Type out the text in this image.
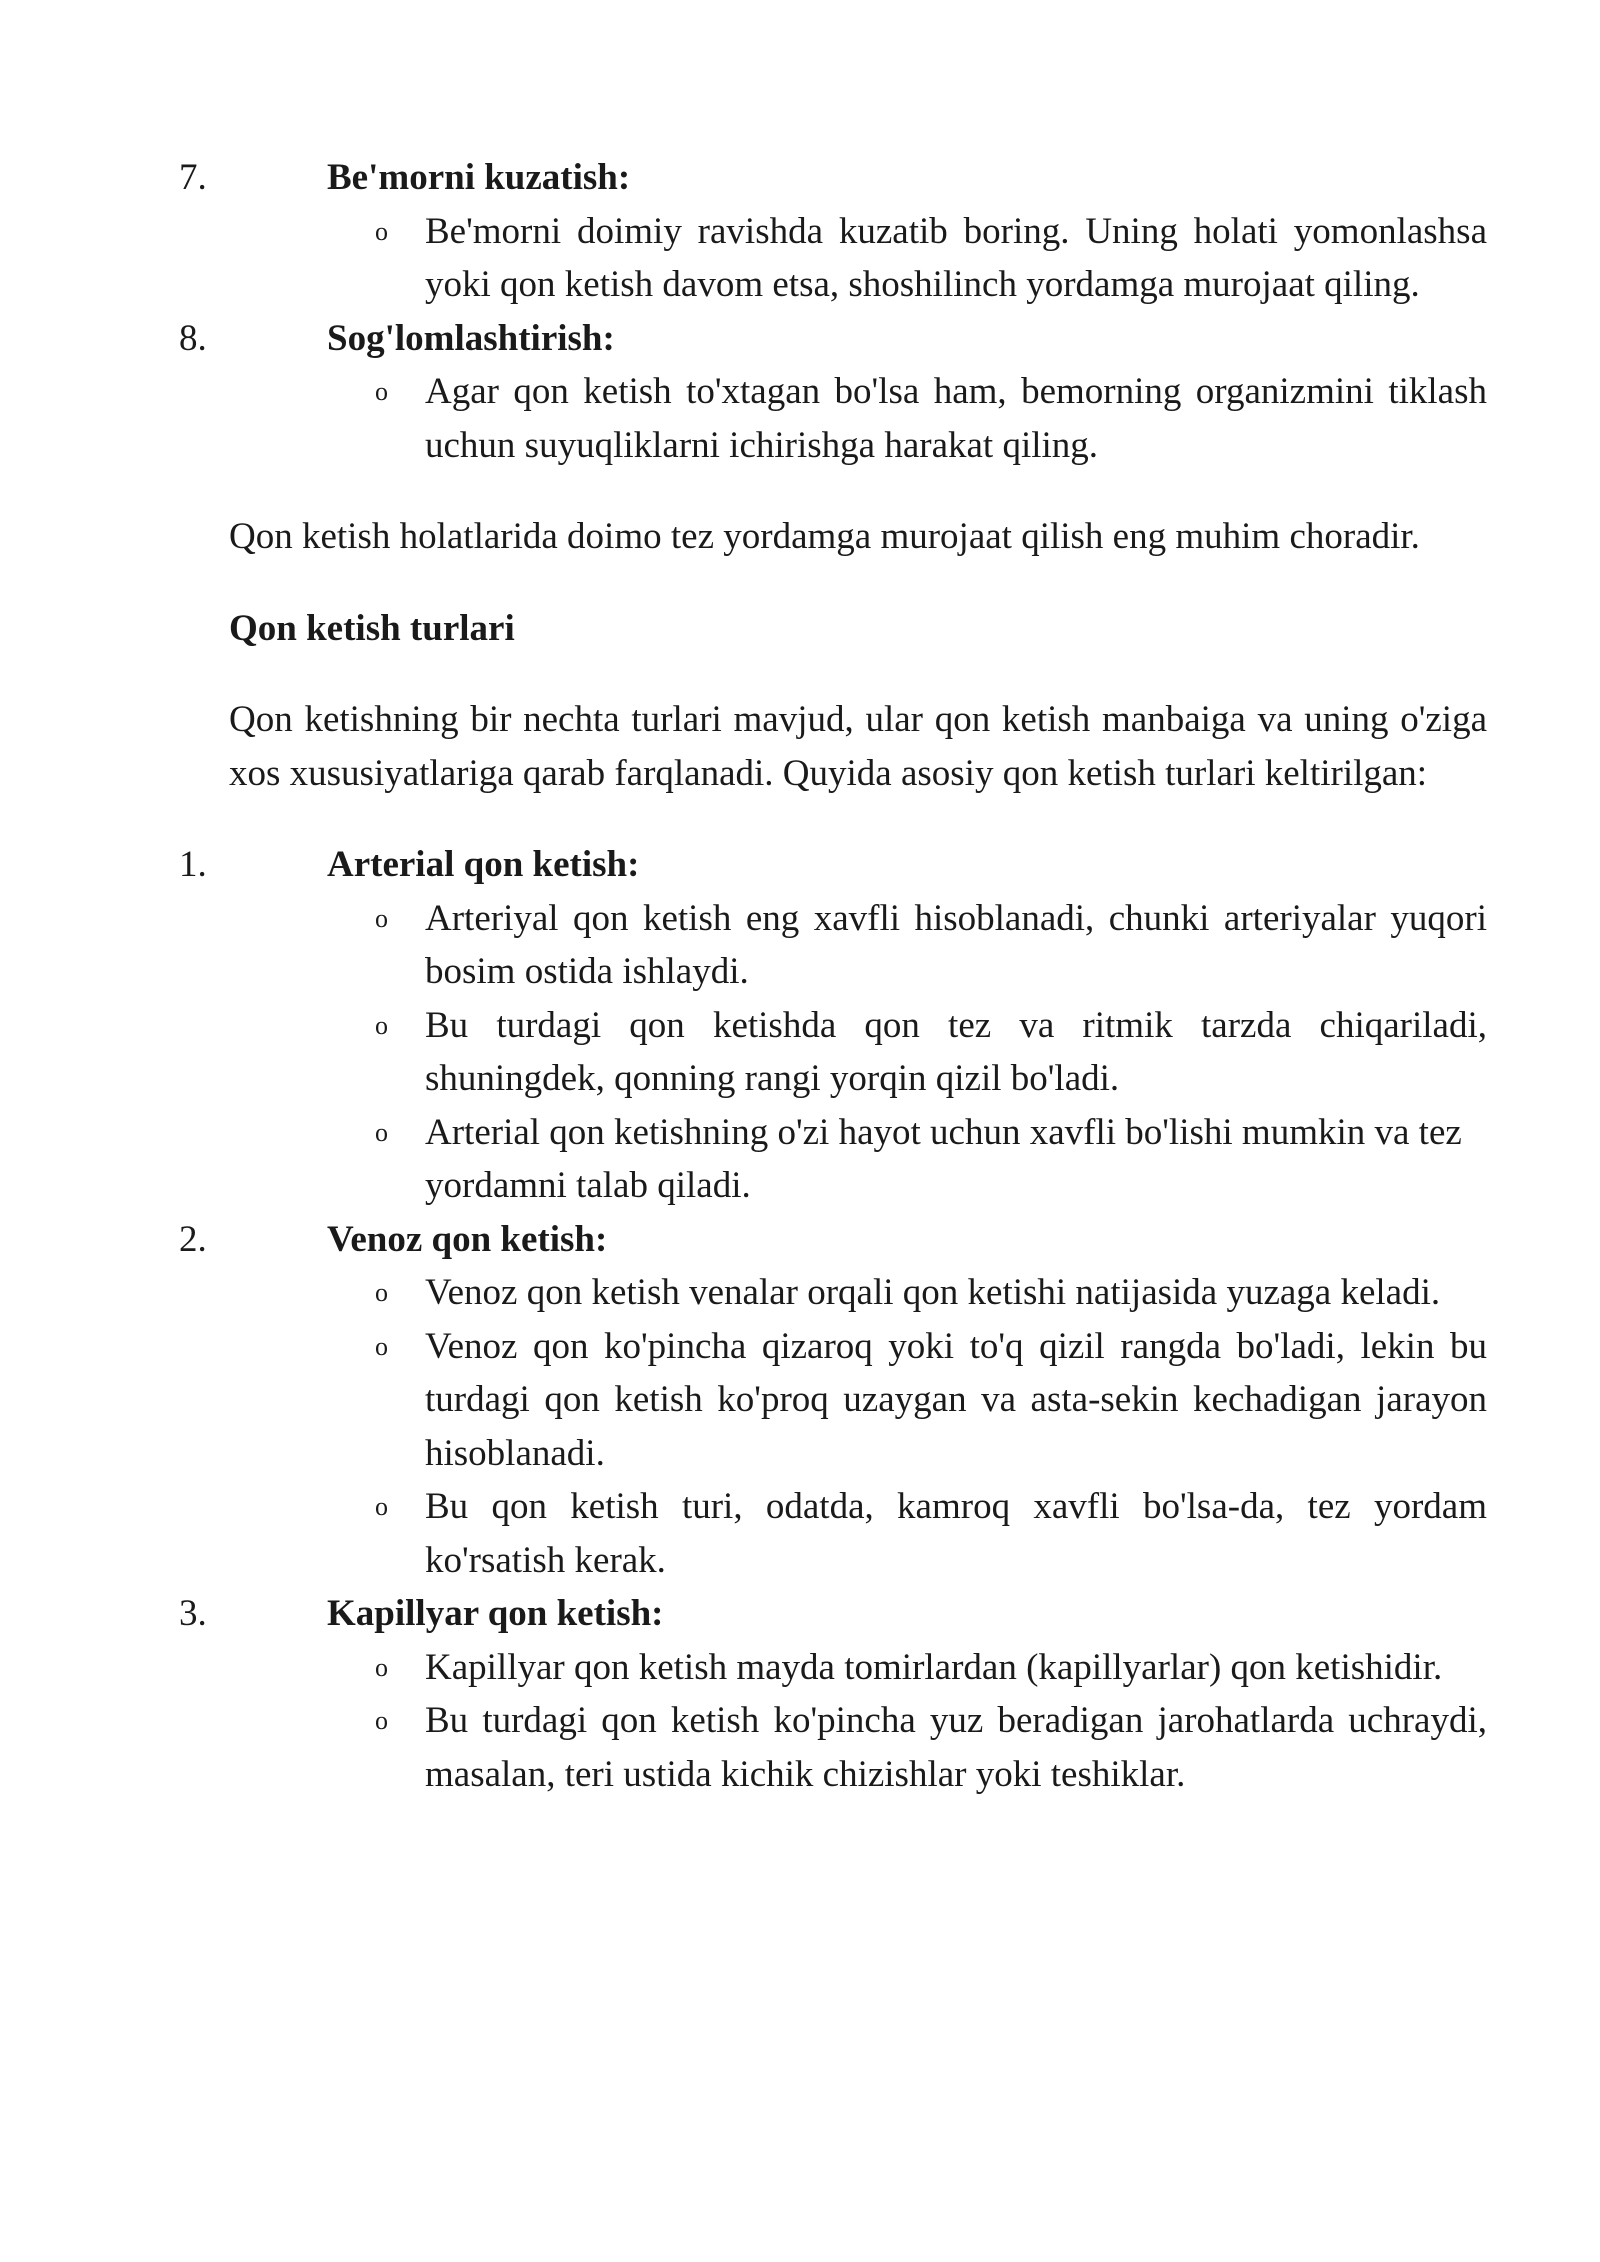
7.	Be'morni kuzatish:
o Be'morni doimiy ravishda kuzatib boring. Uning holati yomonlashsa yoki qon ketish davom etsa, shoshilinch yordamga murojaat qiling.
8.	Sog'lomlashtirish:
o Agar qon ketish to'xtagan bo'lsa ham, bemorning organizmini tiklash uchun suyuqliklarni ichirishga harakat qiling.

Qon ketish holatlarida doimo tez yordamga murojaat qilish eng muhim choradir.

Qon ketish turlari

Qon ketishning bir nechta turlari mavjud, ular qon ketish manbaiga va uning o'ziga xos xususiyatlariga qarab farqlanadi. Quyida asosiy qon ketish turlari keltirilgan:

1.	Arterial qon ketish:
o Arteriyal qon ketish eng xavfli hisoblanadi, chunki arteriyalar yuqori bosim ostida ishlaydi.
o Bu turdagi qon ketishda qon tez va ritmik tarzda chiqariladi, shuningdek, qonning rangi yorqin qizil bo'ladi.
o Arterial qon ketishning o'zi hayot uchun xavfli bo'lishi mumkin va tez yordamni talab qiladi.
2.	Venoz qon ketish:
o Venoz qon ketish venalar orqali qon ketishi natijasida yuzaga keladi.
o Venoz qon ko'pincha qizaroq yoki to'q qizil rangda bo'ladi, lekin bu turdagi qon ketish ko'proq uzaygan va asta-sekin kechadigan jarayon hisoblanadi.
o Bu qon ketish turi, odatda, kamroq xavfli bo'lsa-da, tez yordam ko'rsatish kerak.
3.	Kapillyar qon ketish:
o Kapillyar qon ketish mayda tomirlardan (kapillyarlar) qon ketishidir.
o Bu turdagi qon ketish ko'pincha yuz beradigan jarohatlarda uchraydi, masalan, teri ustida kichik chizishlar yoki teshiklar.
